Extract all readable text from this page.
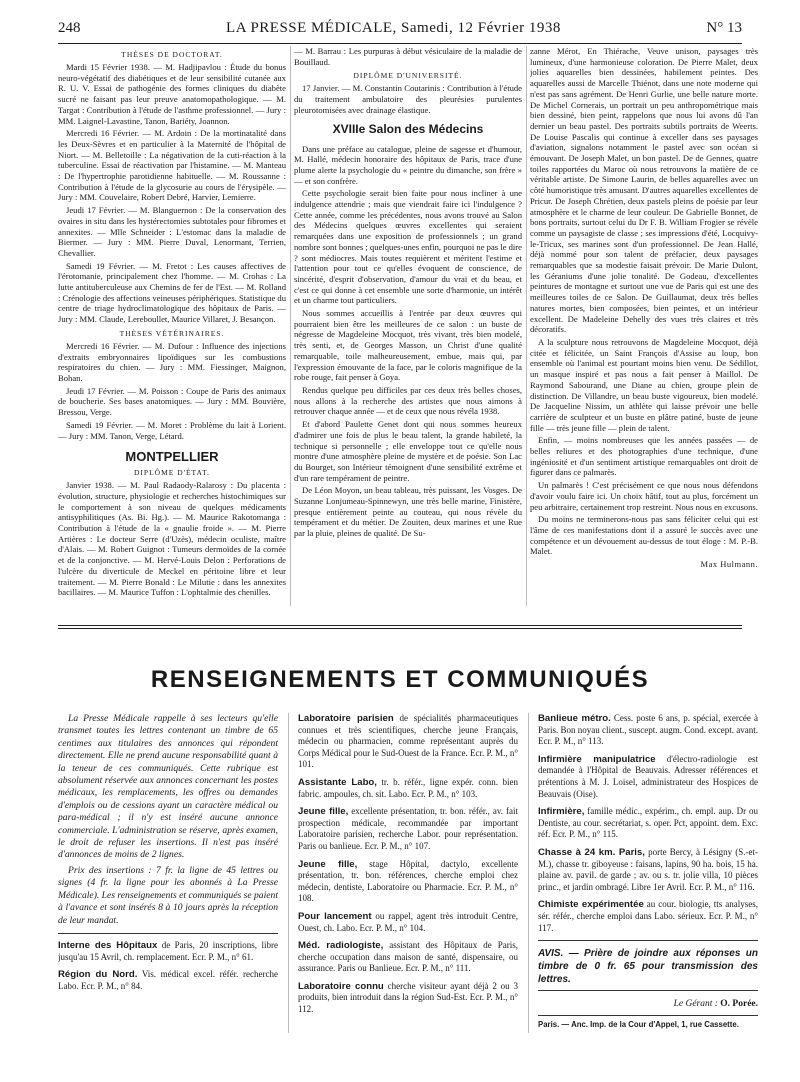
248	LA PRESSE MÉDICALE, Samedi, 12 Février 1938	N° 13
THÈSES DE DOCTORAT.

Mardi 15 Février 1938. — M. Hadjipavlou : Étude du bonus neuro-végétatif des diabétiques et de leur sensibilité cutanée aux R. U. V. Essai de pathogénie des formes cliniques du diabète sucré ne faisant pas leur preuve anatomopathologique. — M. Targat : Contribution à l'étude de l'asthme professionnel. — Jury : MM. Laignel-Lavastine, Tanon, Bariéty, Joannon.

Mercredi 16 Février. — M. Ardoin : De la mortinatalité dans les Deux-Sèvres et en particulier à la Maternité de l'hôpital de Niort. — M. Belletoille : La négativation de la cuti-réaction à la tuberculine. Essai de réactivation par l'histamine. — M. Manteau : De l'hypertrophie parotidienne habituelle. — M. Roussanne : Contribution à l'étude de la glycosurie au cours de l'érysipèle. — Jury : MM. Couvelaire, Robert Debré, Harvier, Lemierre.

Jeudi 17 Février. — M. Blanguernon : De la conservation des ovaires in situ dans les hystérectomies subtotales pour fibromes et annexites. — Mlle Schneider : L'estomac dans la maladie de Biermer. — Jury : MM. Pierre Duval, Lenormant, Terrien, Chevallier.

Samedi 19 Février. — M. Fretot : Les causes affectives de l'érotomanie, principalement chez l'homme. — M. Crohas : La lutte antituberculeuse aux Chemins de fer de l'Est. — M. Rolland : Crénologie des affections veineuses périphériques. Statistique du centre de triage hydroclimatologique des hôpitaux de Paris. — Jury : MM. Claude, Lereboullet, Maurice Villaret, J. Besançon.

THÈSES VÉTÉRINAIRES.

Mercredi 16 Février. — M. Dufour : Influence des injections d'extraits embryonnaires lipoïdiques sur les combustions respiratoires du chien. — Jury : MM. Fiessinger, Maignon, Bohan.

Jeudi 17 Février. — M. Poisson : Coupe de Paris des animaux de boucherie. Ses bases anatomiques. — Jury : MM. Bouvière, Bressou, Verge.

Samedi 19 Février. — M. Moret : Problème du lait à Lorient. — Jury : MM. Tanon, Verge, Létard.

MONTPELLIER
DIPLÔME D'ÉTAT.

Janvier 1938. — M. Paul Radaody-Ralarosy : Du placenta : évolution, structure, physiologie et recherches histochimiques sur le comportement à son niveau de quelques médicaments antisyphilitiques (As. Bi. Hg.). — M. Maurice Rakotomanga : Contribution à l'étude de la « gnaulie froide ». — M. Pierre Artières : Le docteur Serre (d'Uzès), médecin oculiste, maître d'Alais. — M. Robert Guignot : Tumeurs dermoïdes de la cornée et de la conjonctive. — M. Hervé-Louis Delon : Perforations de l'ulcère du diverticule de Meckel en péritoine libre et leur traitement. — M. Pierre Bonald : Le Milutie : dans les annexites bacillaires. — M. Maurice Tuffon : L'ophtalmie des chenilles.

— M. Barrau : Les purpuras à début vésiculaire de la maladie de Bouillaud.

DIPLÔME D'UNIVERSITÉ.

17 Janvier. — M. Constantin Coutarinis : Contribution à l'étude du traitement ambulatoire des pleurésies purulentes pleurotomisées avec drainage élastique.

XVIIIe Salon des Médecins

Dans une préface au catalogue, pleine de sagesse et d'humour, M. Hallé, médecin honoraire des hôpitaux de Paris, trace d'une plume alerte la psychologie du « peintre du dimanche, son frère » — et son confrère.

Cette psychologie serait bien faite pour nous incliner à une indulgence attendrie ; mais que viendrait faire ici l'indulgence ? Cette année, comme les précédentes, nous avons trouvé au Salon des Médecins quelques œuvres excellentes qui seraient remarquées dans une exposition de professionnels ; un grand nombre sont bonnes ; quelques-unes enfin, pourquoi ne pas le dire ? sont médiocres. Mais toutes requièrent et méritent l'estime et l'attention pour tout ce qu'elles évoquent de conscience, de sincérité, d'esprit d'observation, d'amour du vrai et du beau, et c'est ce qui donne à cet ensemble une sorte d'harmonie, un intérêt et un charme tout particuliers.

Nous sommes accueillis à l'entrée par deux œuvres qui pourraient bien être les meilleures de ce salon : un buste de négresse de Magdeleine Mocquot, très vivant, très bien modelé, très senti, et, de Georges Masson, un Christ d'une qualité remarquable, toile malheureusement, embue, mais qui, par l'expression émouvante de la face, par le coloris magnifique de la robe rouge, fait penser à Goya.

Rendus quelque peu difficiles par ces deux très belles choses, nous allons à la recherche des artistes que nous aimons à retrouver chaque année — et de ceux que nous révéla 1938.

Et d'abord Paulette Genet dont qui nous sommes heureux d'admirer une fois de plus le beau talent, la grande habileté, la technique si personnelle ; elle enveloppe tout ce qu'elle nous montre d'une atmosphère pleine de mystère et de poésie. Son Lac du Bourget, son Intérieur témoignent d'une sensibilité extrême et d'un rare tempérament de peintre.

De Léon Moyon, un beau tableau, très puissant, les Vosges. De Suzanne Lonjumeau-Spinnewyn, une très belle marine, Finistère, presque entièrement peinte au couteau, qui nous révèle du tempérament et du métier. De Zouiten, deux marines et une Rue par la pluie, pleines de qualité. De Su-

zanne Mérot, En Thiérache, Veuve unison, paysages très lumineux, d'une harmonieuse coloration. De Pierre Malet, deux jolies aquarelles bien dessinées, habilement peintes. Des aquarelles aussi de Marcelle Thiénot, dans une note moderne qui n'est pas sans agrément. De Henri Gurlie, une belle nature morte. De Michel Cornerais, un portrait un peu anthropométrique mais bien dessiné, bien peint, rappelons que nous lui avons dû l'an dernier un beau pastel. Des portraits subtils portraits de Weerts. De Louise Pascalis qui continue à exceller dans ses paysages d'aviation, signalons notamment le pastel avec son océan si émouvant. De Joseph Malet, un bon pastel. De de Gennes, quatre toiles rapportées du Maroc où nous retrouvons la matière de ce véritable artiste. De Simone Laurin, de belles aquarelles avec un côté humoristique très amusant. D'autres aquarelles excellentes de Pricur. De Joseph Chrétien, deux pastels pleins de poésie par leur atmosphère et le charme de leur couleur. De Gabrielle Bonnet, de bons portraits, surtout celui du Dr F. B. William Frogier se révèle comme un paysagiste de classe ; ses impressions d'été, Locquivy-le-Tricux, ses marines sont d'un professionnel. De Jean Hallé, déjà nommé pour son talent de préfacier, deux paysages remarquables que sa modestie faisait prévoir. De Marie Dulont, les Géraniums d'une jolie tonalité. De Godeau, d'excellentes peintures de montagne et surtout une vue de Paris qui est une des meilleures toiles de ce Salon. De Guillaumat, deux très belles natures mortes, bien composées, bien peintes, et un intérieur excellent. De Madeleine Dehelly des vues très claires et très décoratifs.

A la sculpture nous retrouvons de Magdeleine Mocquot, déjà citée et félicitée, un Saint François d'Assise au loup, bon ensemble où l'animal est pourtant moins bien venu. De Sédillot, un masque inspiré et pas nous a fait penser à Maillol. De Raymond Sabourand, une Diane au chien, groupe plein de distinction. De Villandre, un beau buste vigoureux, bien modelé. De Jacqueline Nissim, un athlète qui laisse prévoir une belle carrière de sculpteur et un buste en plâtre patiné, buste de jeune fille — très jeune fille — plein de talent.

Enfin, — moins nombreuses que les années passées — de belles reliures et des photographies d'une technique, d'une ingéniosité et d'un sentiment artistique remarquables ont droit de figurer dans ce palmarès.

Un palmarès ! C'est précisément ce que nous nous défendons d'avoir voulu faire ici. Un choix hâtif, tout au plus, forcément un peu arbitraire, certainement trop restreint. Nous nous en excusons.

Du moins ne terminerons-nous pas sans féliciter celui qui est l'âme de ces manifestations dont il a assuré le succès avec une compétence et un dévouement au-dessus de tout éloge : M. P.-B. Malet.

Max Hulmann.
RENSEIGNEMENTS ET COMMUNIQUÉS

La Presse Médicale rappelle à ses lecteurs qu'elle transmet toutes les lettres contenant un timbre de 65 centimes aux titulaires des annonces qui répondent directement. Elle ne prend aucune responsabilité quant à la teneur de ces communiqués. Cette rubrique est absolument réservée aux annonces concernant les postes médicaux, les remplacements, les offres ou demandes d'emplois ou de cessions ayant un caractère médical ou para-médical ; il n'y est inséré aucune annonce commerciale. L'administration se réserve, après examen, le droit de refuser les insertions. Il n'est pas inséré d'annonces de moins de 2 lignes.

Prix des insertions : 7 fr. la ligne de 45 lettres ou signes (4 fr. la ligne pour les abonnés à La Presse Médicale). Les renseignements et communiqués se paient à l'avance et sont insérés 8 à 10 jours après la réception de leur mandat.

Interne des Hôpitaux de Paris, 20 inscriptions, libre jusqu'au 15 Avril, ch. remplacement. Ecr. P. M., n° 61.

Région du Nord. Vis. médical excel. référ. recherche Labo. Ecr. P. M., n° 84.

Laboratoire parisien de spécialités pharmaceutiques connues et très scientifiques, cherche jeune Français, médecin ou pharmacien, comme représentant auprès du Corps Médical pour le Sud-Ouest de la France. Ecr. P. M., n° 101.

Assistante Labo, tr. b. référ., ligne expér. conn. bien fabric. ampoules, ch. sit. Labo. Ecr. P. M., n° 103.

Jeune fille, excellente présentation, tr. bon. référ., av. fait prospection médicale, recommandée par important Laboratoire parisien, recherche Labor. pour représentation. Paris ou banlieue. Ecr. P. M., n° 107.

Jeune fille, stage Hôpital, dactylo, excellente présentation, tr. bon. références, cherche emploi chez médecin, dentiste, Laboratoire ou Pharmacie. Ecr. P. M., n° 108.

Pour lancement ou rappel, agent très introduit Centre, Ouest, ch. Labo. Ecr. P. M., n° 104.

Méd. radiologiste, assistant des Hôpitaux de Paris, cherche occupation dans maison de santé, dispensaire, ou assurance. Paris ou Banlieue. Ecr. P. M., n° 111.

Laboratoire connu cherche visiteur ayant déjà 2 ou 3 produits, bien introduit dans la région Sud-Est. Ecr. P. M., n° 112.

Banlieue métro. Cess. poste 6 ans, p. spécial, exercée à Paris. Bon noyau client., suscept. augm. Cond. except. avant. Ecr. P. M., n° 113.

Infirmière manipulatrice d'électro-radiologie est demandée à l'Hôpital de Beauvais. Adresser références et prétentions à M. J. Loisel, administrateur des Hospices de Beauvais (Oise).

Infirmière, famille médic., expérim., ch. empl. aup. Dr ou Dentiste, au cour. secrétariat, s. oper. Pct, appoint. dem. Exc. réf. Ecr. P. M., n° 115.

Chasse à 24 km. Paris, porte Bercy, à Lésigny (S.-et-M.), chasse tr. giboyeuse : faisans, lapins, 90 ha. bois, 15 ha. plaine av. pavil. de garde ; av. ou s. tr. jolie villa, 10 pièces princ., et jardin ombragé. Libre 1er Avril. Ecr. P. M., n° 116.

Chimiste expérimentée au cour. biologie, tts analyses, sér. référ., cherche emploi dans Labo. sérieux. Ecr. P. M., n° 117.

AVIS. — Prière de joindre aux réponses un timbre de 0 fr. 65 pour transmission des lettres.

Le Gérant : O. Porée.
Paris. — Anc. Imp. de la Cour d'Appel, 1, rue Cassette.
